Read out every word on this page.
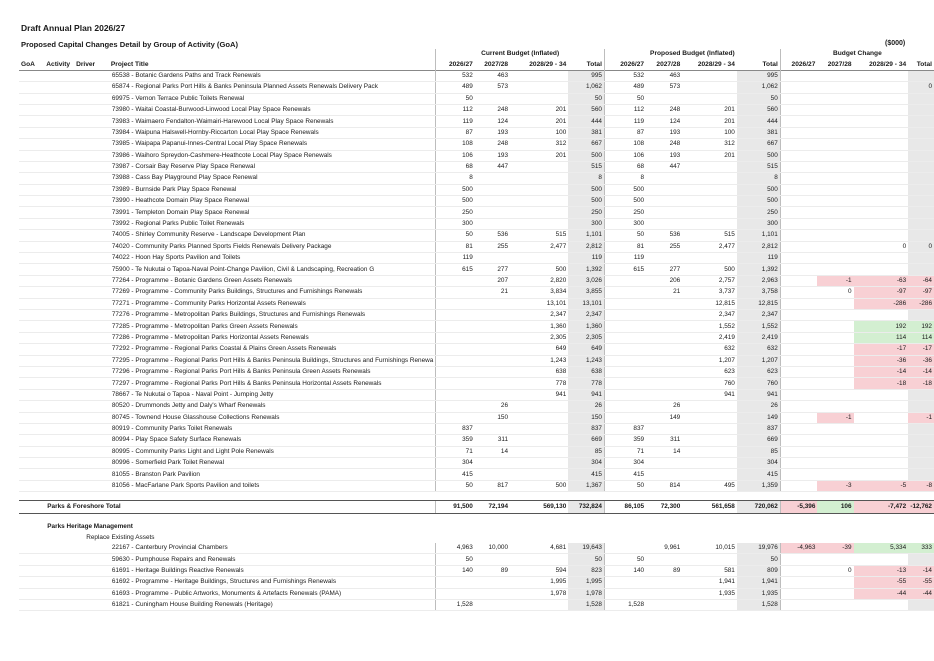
Draft Annual Plan 2026/27
Proposed Capital Changes Detail by Group of Activity (GoA)	($000)
				Current Budget (Inflated)				Proposed Budget (Inflated)				Budget Change			
GoA	Activity	Driver	Project Title	2026/27	2027/28	2028/29 - 34	Total	2026/27	2027/28	2028/29 - 34	Total	2026/27	2027/28	2028/29 - 34	Total
			65538 - Botanic Gardens Paths and Track Renewals	532	463		995	532	463		995				
			65874 - Regional Parks Port Hills & Banks Peninsula Planned Assets Renewals Delivery Pack	489	573		1,062	489	573		1,062				0
			69975 - Vernon Terrace Public Toilets Renewal	50			50	50			50				
			73980 - Waitai Coastal-Burwood-Linwood Local Play Space Renewals	112	248	201	560	112	248	201	560				
			73983 - Waimaero Fendalton-Waimairi-Harewood Local Play Space Renewals	119	124	201	444	119	124	201	444				
			73984 - Waipuna Halswell-Hornby-Riccarton Local Play Space Renewals	87	193	100	381	87	193	100	381				
			73985 - Waipapa Papanui-Innes-Central Local Play Space Renewals	108	248	312	667	108	248	312	667				
			73986 - Waihoro Spreydon-Cashmere-Heathcote Local Play Space Renewals	106	193	201	500	106	193	201	500				
			73987 - Corsair Bay Reserve Play Space Renewal	68	447		515	68	447		515				
			73988 - Cass Bay Playground Play Space Renewal	8			8	8			8				
			73989 - Burnside Park Play Space Renewal	500			500	500			500				
			73990 - Heathcote Domain Play Space Renewal	500			500	500			500				
			73991 - Templeton Domain Play Space Renewal	250			250	250			250				
			73992 - Regional Parks Public Toilet Renewals	300			300	300			300				
			74005 - Shirley Community Reserve - Landscape Development Plan	50	536	515	1,101	50	536	515	1,101				
			74020 - Community Parks Planned Sports Fields Renewals Delivery Package	81	255	2,477	2,812	81	255	2,477	2,812			0	0
			74022 - Hoon Hay Sports Pavilion and Toilets	119			119	119			119				
			75900 - Te Nukutai o Tapoa-Naval Point-Change Pavilion, Civil & Landscaping, Recreation G	615	277	500	1,392	615	277	500	1,392				
			77264 - Programme - Botanic Gardens Green Assets Renewals		207	2,820	3,026		206	2,757	2,963		-1	-63	-64
			77269 - Programme - Community Parks Buildings, Structures and Furnishings Renewals		21	3,834	3,855		21	3,737	3,758		0	-97	-97
			77271 - Programme - Community Parks Horizontal Assets Renewals			13,101	13,101			12,815	12,815			-286	-286
			77276 - Programme - Metropolitan Parks Buildings, Structures and Furnishings Renewals			2,347	2,347			2,347	2,347				
			77285 - Programme - Metropolitan Parks Green Assets Renewals			1,360	1,360			1,552	1,552			192	192
			77286 - Programme - Metropolitan Parks Horizontal Assets Renewals			2,305	2,305			2,419	2,419			114	114
			77292 - Programme - Regional Parks Coastal & Plains Green Assets Renewals			649	649			632	632			-17	-17
			77295 - Programme - Regional Parks Port Hills & Banks Peninsula Buildings, Structures and Furnishings Renewa			1,243	1,243			1,207	1,207			-36	-36
			77296 - Programme - Regional Parks Port Hills & Banks Peninsula Green Assets Renewals			638	638			623	623			-14	-14
			77297 - Programme - Regional Parks Port Hills & Banks Peninsula Horizontal Assets Renewals			778	778			760	760			-18	-18
			78667 - Te Nukutai o Tapoa - Naval Point - Jumping Jetty			941	941			941	941				
			80520 - Drummonds Jetty and Daly's Wharf Renewals		26		26		26		26				
			80745 - Townend House Glasshouse Collections Renewals		150		150		149		149		-1		-1
			80919 - Community Parks Toilet Renewals	837			837	837			837				
			80994 - Play Space Safety Surface Renewals	359	311		669	359	311		669				
			80995 - Community Parks Light and Light Pole Renewals	71	14		85	71	14		85				
			80996 - Somerfield Park Toilet Renewal	304			304	304			304				
			81055 - Branston Park Pavilion	415			415	415			415				
			81056 - MacFarlane Park Sports Pavilion and toilets	50	817	500	1,367	50	814	495	1,359		-3	-5	-8

	Parks & Foreshore Total			91,500	72,194	569,130	732,824	86,105	72,300	561,658	720,062	-5,396	106	-7,472	-12,762

	Parks Heritage Management														
	Replace Existing Assets														
			22167 - Canterbury Provincial Chambers	4,963	10,000	4,681	19,643		9,961	10,015	19,976	-4,963	-39	5,334	333
			59630 - Pumphouse Repairs and Renewals	50			50	50			50				
			61691 - Heritage Buildings Reactive Renewals	140	89	594	823	140	89	581	809		0	-13	-14
			61692 - Programme - Heritage Buildings, Structures and Furnishings Renewals			1,995	1,995			1,941	1,941			-55	-55
			61693 - Programme - Public Artworks, Monuments & Artefacts Renewals (PAMA)			1,978	1,978			1,935	1,935			-44	-44
			61821 - Cuningham House Building Renewals (Heritage)	1,528			1,528	1,528			1,528				
